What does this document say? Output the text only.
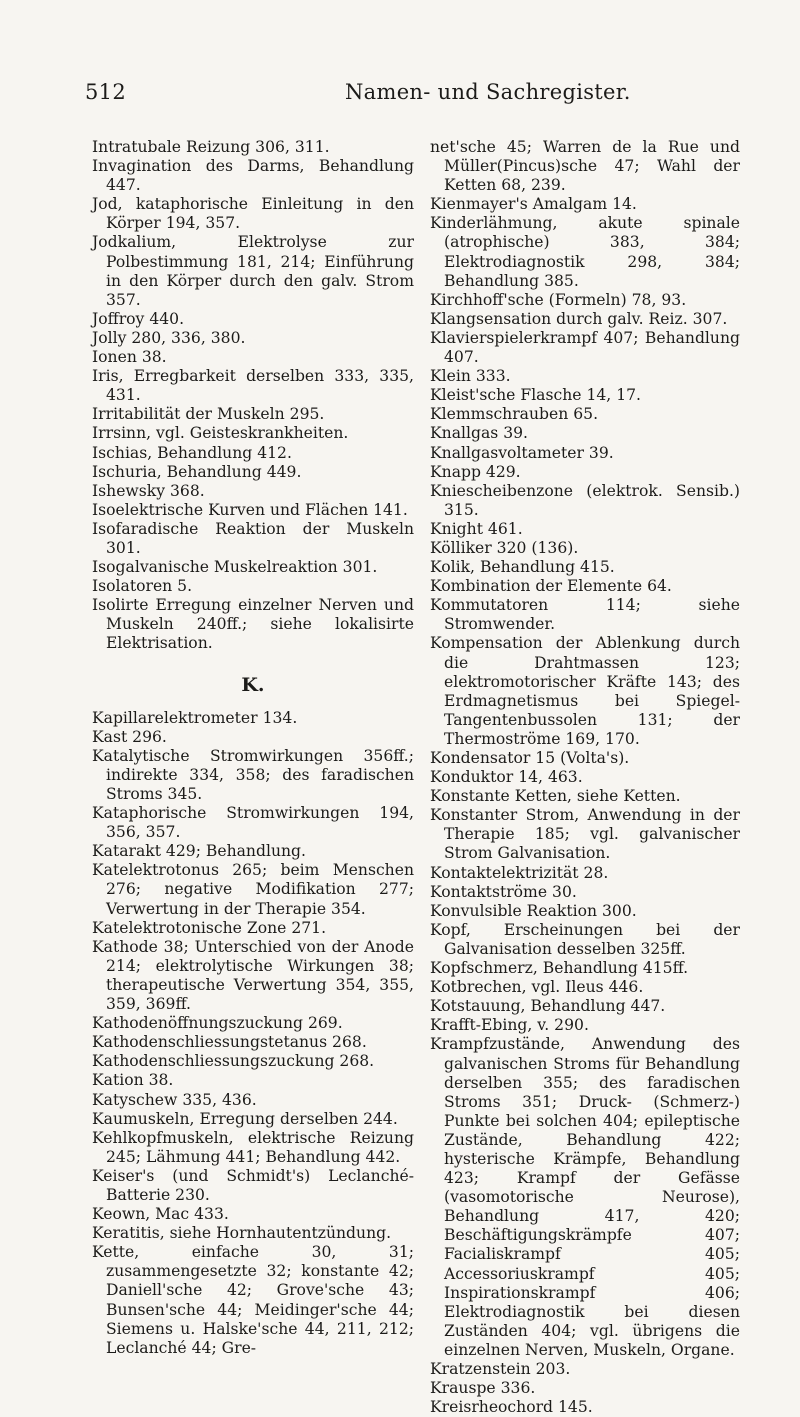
512	Namen- und Sachregister.

Intratubale Reizung 306, 311.

Invagination des Darms, Behandlung 447.

Jod, kataphorische Einleitung in den Körper 194, 357.

Jodkalium, Elektrolyse zur Polbestimmung 181, 214; Einführung in den Körper durch den galv. Strom 357.

Joffroy 440.

Jolly 280, 336, 380.

Ionen 38.

Iris, Erregbarkeit derselben 333, 335, 431.

Irritabilität der Muskeln 295.

Irrsinn, vgl. Geisteskrankheiten.

Ischias, Behandlung 412.

Ischuria, Behandlung 449.

Ishewsky 368.

Isoelektrische Kurven und Flächen 141.

Isofaradische Reaktion der Muskeln 301.

Isogalvanische Muskelreaktion 301.

Isolatoren 5.

Isolirte Erregung einzelner Nerven und Muskeln 240ff.; siehe lokalisirte Elektrisation.

K.

Kapillarelektrometer 134.

Kast 296.

Katalytische Stromwirkungen 356ff.; indirekte 334, 358; des faradischen Stroms 345.

Kataphorische Stromwirkungen 194, 356, 357.

Katarakt 429; Behandlung.

Katelektrotonus 265; beim Menschen 276; negative Modifikation 277; Verwertung in der Therapie 354.

Katelektrotonische Zone 271.

Kathode 38; Unterschied von der Anode 214; elektrolytische Wirkungen 38; therapeutische Verwertung 354, 355, 359, 369ff.

Kathodenöffnungszuckung 269.

Kathodenschliessungstetanus 268.

Kathodenschliessungszuckung 268.

Kation 38.

Katyschew 335, 436.

Kaumuskeln, Erregung derselben 244.

Kehlkopfmuskeln, elektrische Reizung 245; Lähmung 441; Behandlung 442.

Keiser's (und Schmidt's) Leclanché-Batterie 230.

Keown, Mac 433.

Keratitis, siehe Hornhautentzündung.

Kette, einfache 30, 31; zusammengesetzte 32; konstante 42; Daniell'sche 42; Grove'sche 43; Bunsen'sche 44; Meidinger'sche 44; Siemens u. Halske'sche 44, 211, 212; Leclanché 44; Gre-

net'sche 45; Warren de la Rue und Müller(Pincus)sche 47; Wahl der Ketten 68, 239.

Kienmayer's Amalgam 14.

Kinderlähmung, akute spinale (atrophische) 383, 384; Elektrodiagnostik 298, 384; Behandlung 385.

Kirchhoff'sche (Formeln) 78, 93.

Klangsensation durch galv. Reiz. 307.

Klavierspielerkrampf 407; Behandlung 407.

Klein 333.

Kleist'sche Flasche 14, 17.

Klemmschrauben 65.

Knallgas 39.

Knallgasvoltameter 39.

Knapp 429.

Kniescheibenzone (elektrok. Sensib.) 315.

Knight 461.

Kölliker 320 (136).

Kolik, Behandlung 415.

Kombination der Elemente 64.

Kommutatoren 114; siehe Stromwender.

Kompensation der Ablenkung durch die Drahtmassen 123; elektromotorischer Kräfte 143; des Erdmagnetismus bei Spiegel-Tangentenbussolen 131; der Thermoströme 169, 170.

Kondensator 15 (Volta's).

Konduktor 14, 463.

Konstante Ketten, siehe Ketten.

Konstanter Strom, Anwendung in der Therapie 185; vgl. galvanischer Strom Galvanisation.

Kontaktelektrizität 28.

Kontaktströme 30.

Konvulsible Reaktion 300.

Kopf, Erscheinungen bei der Galvanisation desselben 325ff.

Kopfschmerz, Behandlung 415ff.

Kotbrechen, vgl. Ileus 446.

Kotstauung, Behandlung 447.

Krafft-Ebing, v. 290.

Krampfzustände, Anwendung des galvanischen Stroms für Behandlung derselben 355; des faradischen Stroms 351; Druck- (Schmerz-) Punkte bei solchen 404; epileptische Zustände, Behandlung 422; hysterische Krämpfe, Behandlung 423; Krampf der Gefässe (vasomotorische Neurose), Behandlung 417, 420; Beschäftigungskrämpfe 407; Facialiskrampf 405; Accessoriuskrampf 405; Inspirationskrampf 406; Elektrodiagnostik bei diesen Zuständen 404; vgl. übrigens die einzelnen Nerven, Muskeln, Organe.

Kratzenstein 203.

Krauspe 336.

Kreisrheochord 145.
